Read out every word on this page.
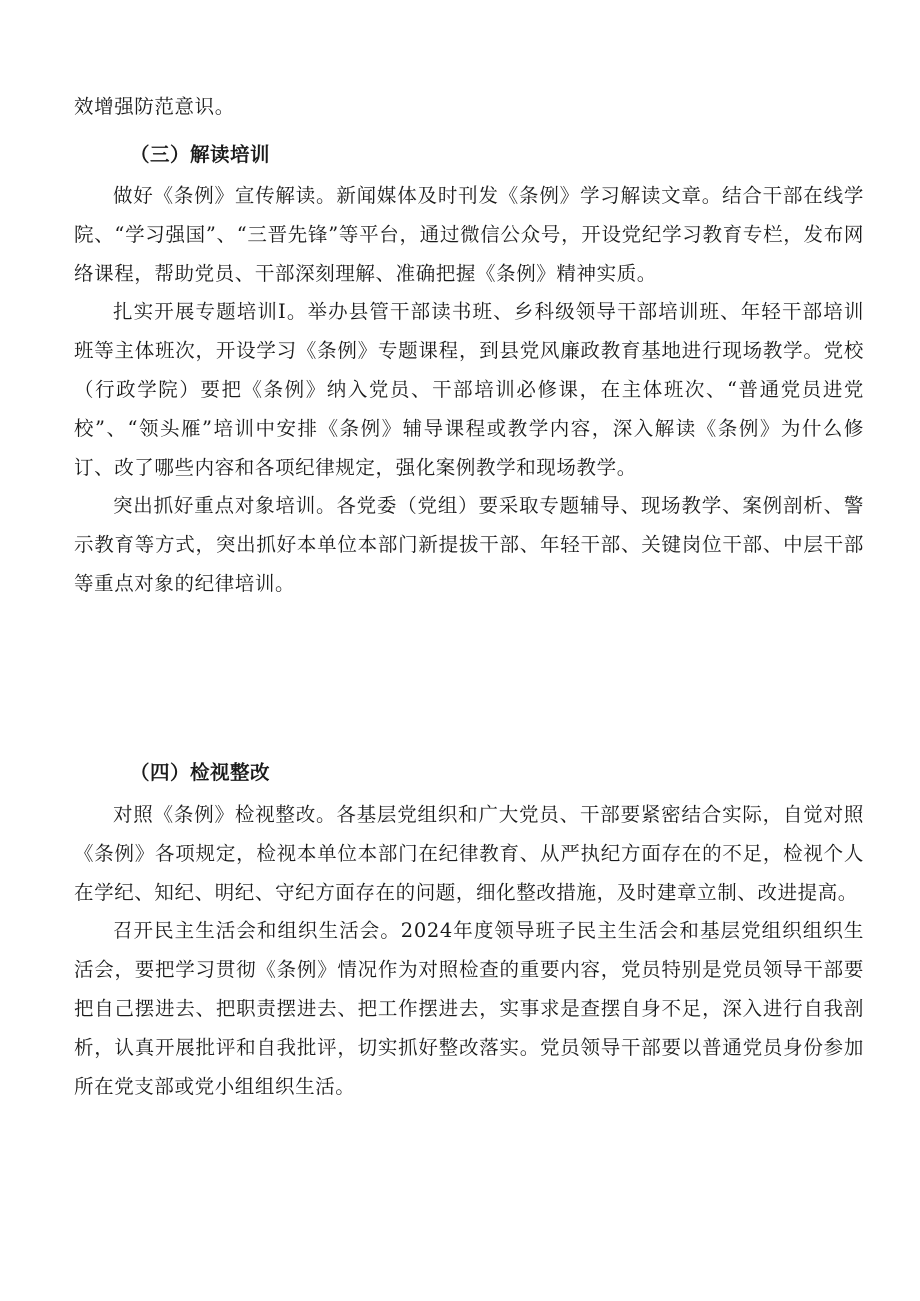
效增强防范意识。

（三）解读培训

做好《条例》宣传解读。新闻媒体及时刊发《条例》学习解读文章。结合干部在线学院、“学习强国”、“三晋先锋”等平台，通过微信公众号，开设党纪学习教育专栏，发布网络课程，帮助党员、干部深刻理解、准确把握《条例》精神实质。

扎实开展专题培训I。举办县管干部读书班、乡科级领导干部培训班、年轻干部培训班等主体班次，开设学习《条例》专题课程，到县党风廉政教育基地进行现场教学。党校（行政学院）要把《条例》纳入党员、干部培训必修课，在主体班次、“普通党员进党校”、“领头雁”培训中安排《条例》辅导课程或教学内容，深入解读《条例》为什么修订、改了哪些内容和各项纪律规定，强化案例教学和现场教学。

突出抓好重点对象培训。各党委（党组）要采取专题辅导、现场教学、案例剖析、警示教育等方式，突出抓好本单位本部门新提拔干部、年轻干部、关键岗位干部、中层干部等重点对象的纪律培训。

（四）检视整改

对照《条例》检视整改。各基层党组织和广大党员、干部要紧密结合实际，自觉对照《条例》各项规定，检视本单位本部门在纪律教育、从严执纪方面存在的不足，检视个人在学纪、知纪、明纪、守纪方面存在的问题，细化整改措施，及时建章立制、改进提高。

召开民主生活会和组织生活会。2024年度领导班子民主生活会和基层党组织组织生活会，要把学习贯彻《条例》情况作为对照检查的重要内容，党员特别是党员领导干部要把自己摆进去、把职责摆进去、把工作摆进去，实事求是查摆自身不足，深入进行自我剖析，认真开展批评和自我批评，切实抓好整改落实。党员领导干部要以普通党员身份参加所在党支部或党小组组织生活。
